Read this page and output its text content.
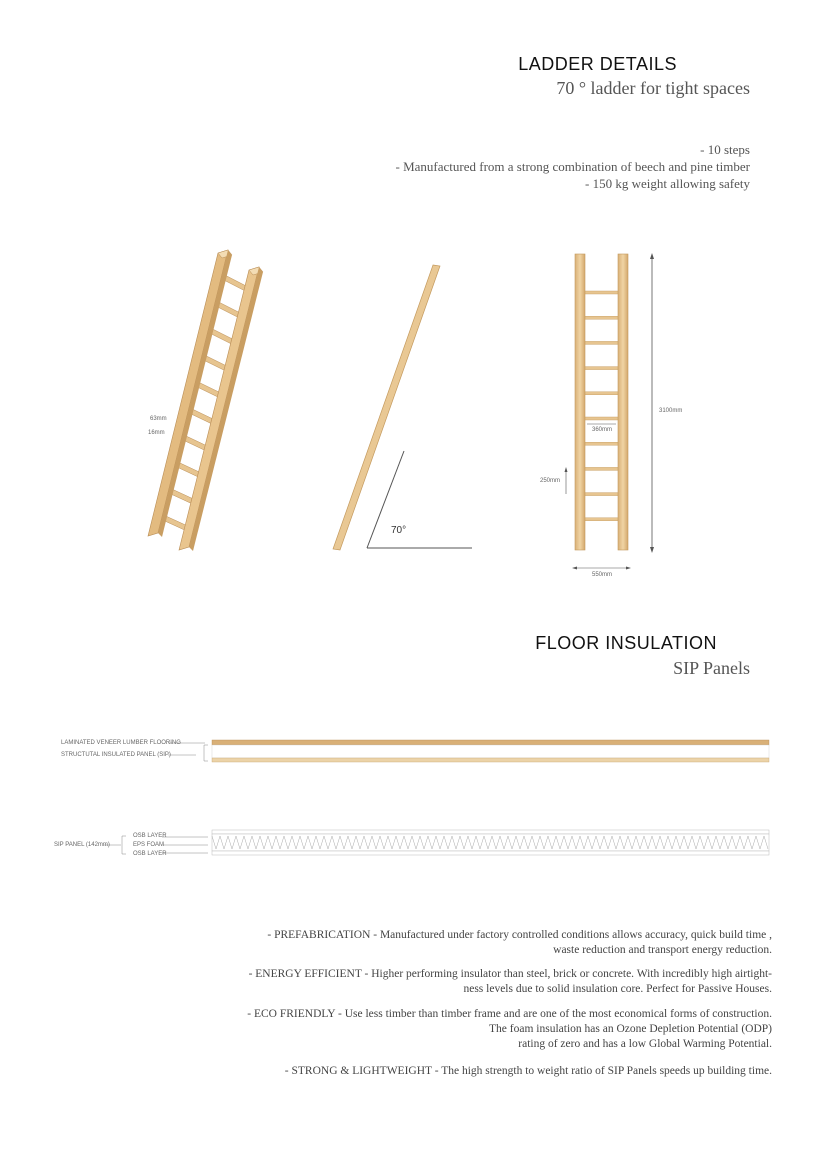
LADDER DETAILS
70 ° ladder for tight spaces
- 10 steps
- Manufactured from a strong combination of beech and pine timber
- 150 kg weight allowing safety
63mm
16mm
70°
360mm
3100mm
250mm
550mm
FLOOR INSULATION
SIP Panels
LAMINATED VENEER LUMBER FLOORING
STRUCTUTAL INSULATED PANEL (SIP)
SIP PANEL (142mm)
OSB LAYER
EPS FOAM
OSB LAYER
- PREFABRICATION - Manufactured under factory controlled conditions allows accuracy, quick build time ,
waste reduction and transport energy reduction.
- ENERGY EFFICIENT - Higher performing insulator than steel, brick or concrete. With incredibly high airtight-
ness levels due to solid insulation core. Perfect for Passive Houses.
- ECO FRIENDLY - Use less timber than timber frame and are one of the most economical forms of construction.
The foam insulation has an Ozone Depletion Potential (ODP)
rating of zero and has a low Global Warming Potential.
- STRONG & LIGHTWEIGHT - The high strength to weight ratio of SIP Panels speeds up building time.
